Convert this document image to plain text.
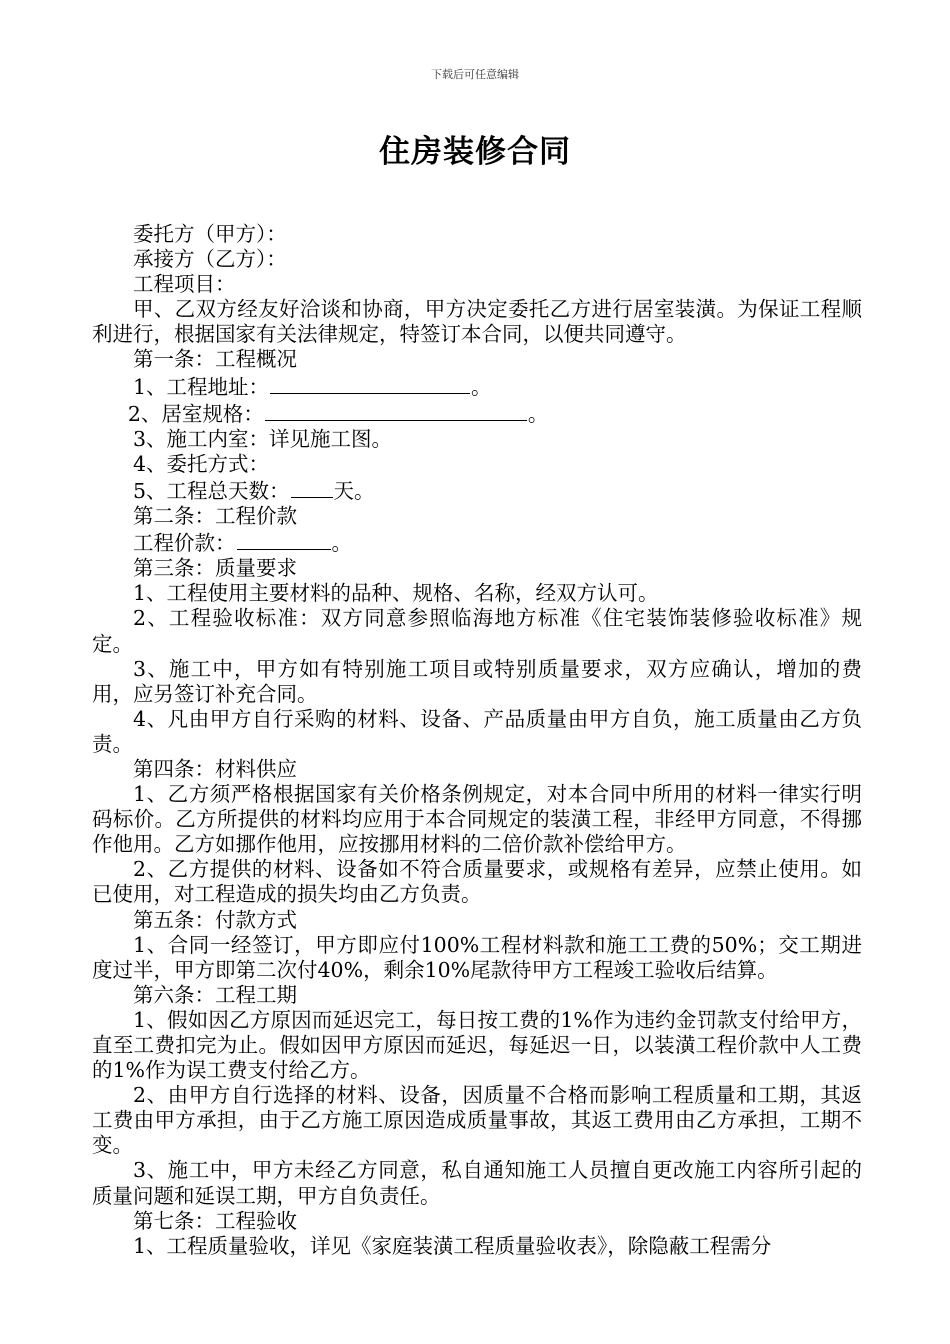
下载后可任意编辑
住房装修合同

委托方（甲方）：

承接方（乙方）：

工程项目：

甲、乙双方经友好洽谈和协商，甲方决定委托乙方进行居室装潢。为保证工程顺利进行，根据国家有关法律规定，特签订本合同，以便共同遵守。

第一条：工程概况

1、工程地址：	。

2、居室规格：	。

3、施工内室：详见施工图。

4、委托方式：

5、工程总天数： 天。

第二条：工程价款

工程价款：	。

第三条：质量要求

1、工程使用主要材料的品种、规格、名称，经双方认可。

2、工程验收标准：双方同意参照临海地方标准《住宅装饰装修验收标准》规定。

3、施工中，甲方如有特别施工项目或特别质量要求，双方应确认，增加的费用，应另签订补充合同。

4、凡由甲方自行采购的材料、设备、产品质量由甲方自负，施工质量由乙方负责。

第四条：材料供应

1、乙方须严格根据国家有关价格条例规定，对本合同中所用的材料一律实行明码标价。乙方所提供的材料均应用于本合同规定的装潢工程，非经甲方同意，不得挪作他用。乙方如挪作他用，应按挪用材料的二倍价款补偿给甲方。

2、乙方提供的材料、设备如不符合质量要求，或规格有差异，应禁止使用。如已使用，对工程造成的损失均由乙方负责。

第五条：付款方式

1、合同一经签订，甲方即应付100%工程材料款和施工工费的50%；交工期进度过半，甲方即第二次付40%，剩余10%尾款待甲方工程竣工验收后结算。

第六条：工程工期

1、假如因乙方原因而延迟完工，每日按工费的1%作为违约金罚款支付给甲方，直至工费扣完为止。假如因甲方原因而延迟，每延迟一日，以装潢工程价款中人工费的1%作为误工费支付给乙方。

2、由甲方自行选择的材料、设备，因质量不合格而影响工程质量和工期，其返工费由甲方承担，由于乙方施工原因造成质量事故，其返工费用由乙方承担，工期不变。

3、施工中，甲方未经乙方同意，私自通知施工人员擅自更改施工内容所引起的质量问题和延误工期，甲方自负责任。

第七条：工程验收

1、工程质量验收，详见《家庭装潢工程质量验收表》，除隐蔽工程需分
